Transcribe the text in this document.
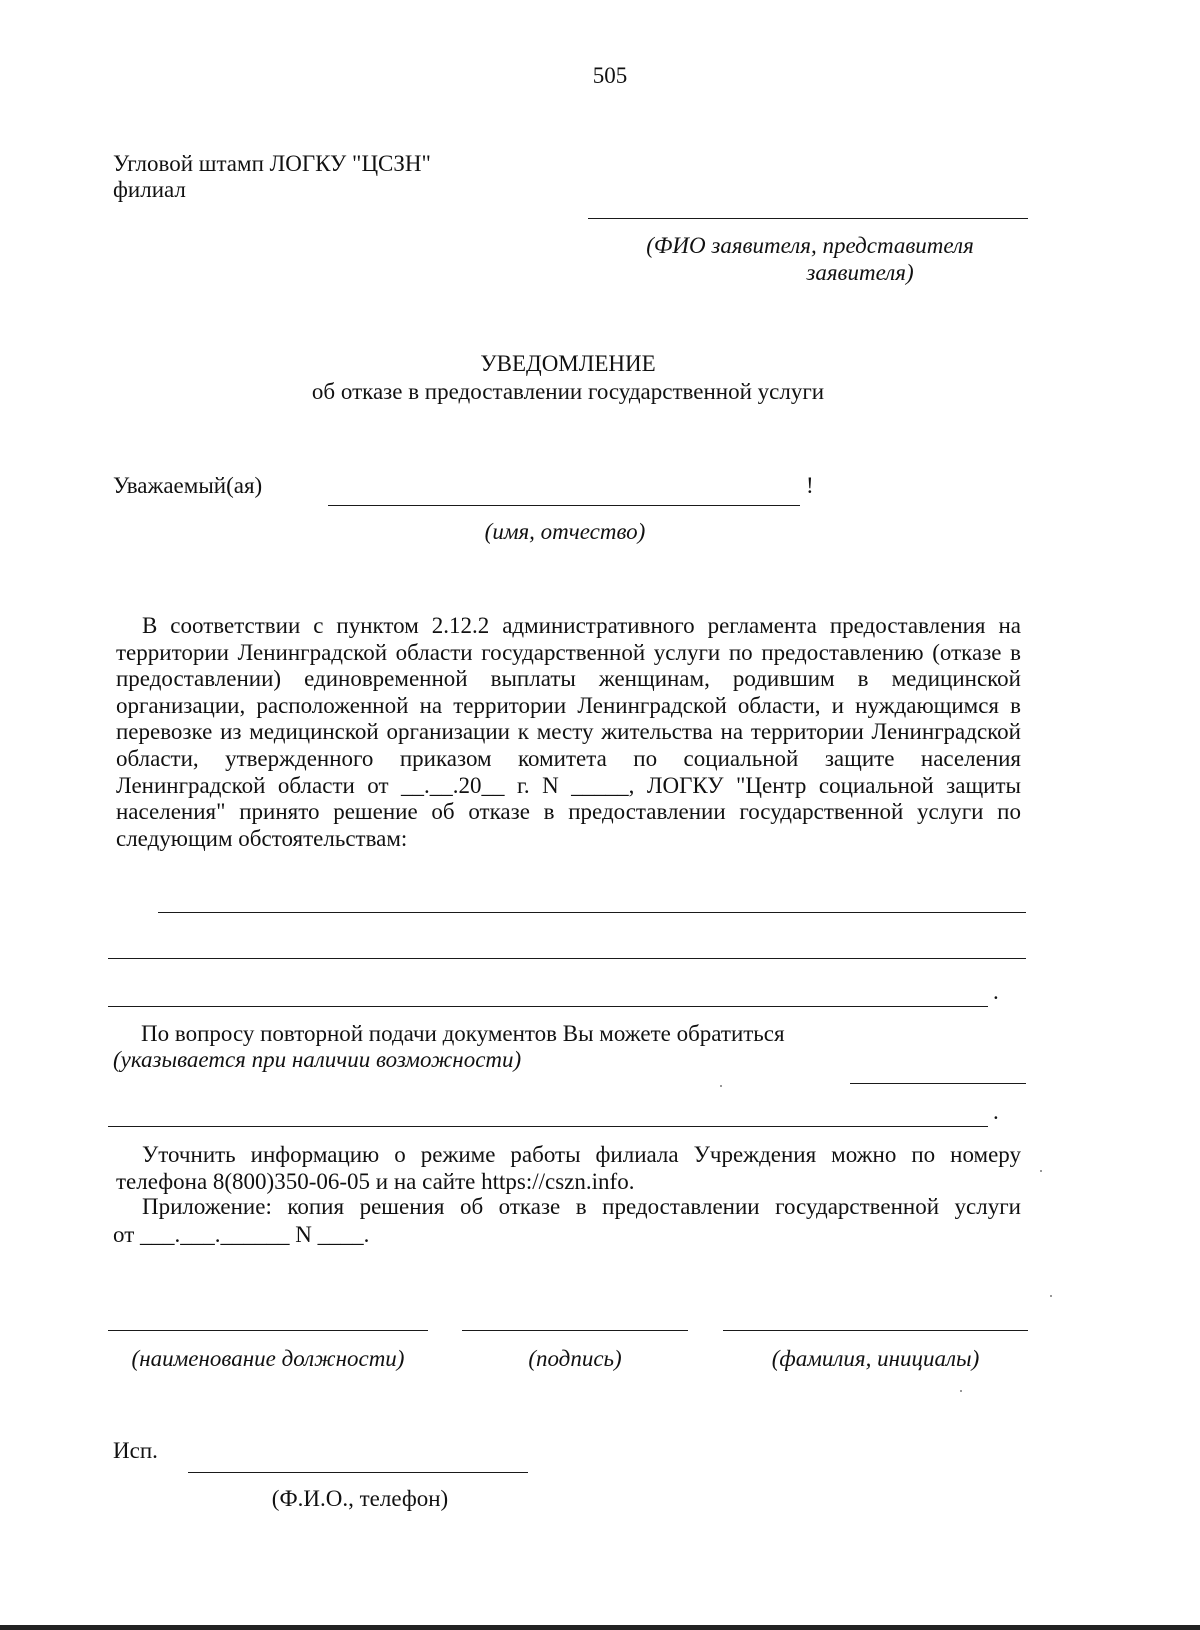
505
Угловой штамп ЛОГКУ "ЦСЗН"
филиал
(ФИО заявителя, представителя
заявителя)
УВЕДОМЛЕНИЕ
об отказе в предоставлении государственной услуги
Уважаемый(ая)	!
(имя, отчество)
В соответствии с пунктом 2.12.2 административного регламента предоставления на территории Ленинградской области государственной услуги по предоставлению (отказе в предоставлении) единовременной выплаты женщинам, родившим в медицинской организации, расположенной на территории Ленинградской области, и нуждающимся в перевозке из медицинской организации к месту жительства на территории Ленинградской области, утвержденного приказом комитета по социальной защите населения Ленинградской области от __.__.20__ г. N _____, ЛОГКУ "Центр социальной защиты населения" принято решение об отказе в предоставлении государственной услуги по следующим обстоятельствам:
.
По вопросу повторной подачи документов Вы можете обратиться
(указывается при наличии возможности)
.
Уточнить информацию о режиме работы филиала Учреждения можно по номеру телефона 8(800)350-06-05 и на сайте https://cszn.info.
Приложение: копия решения об отказе в предоставлении государственной услуги
от ___.___.______ N ____.
(наименование должности)	(подпись)	(фамилия, инициалы)
Исп.
(Ф.И.О., телефон)
